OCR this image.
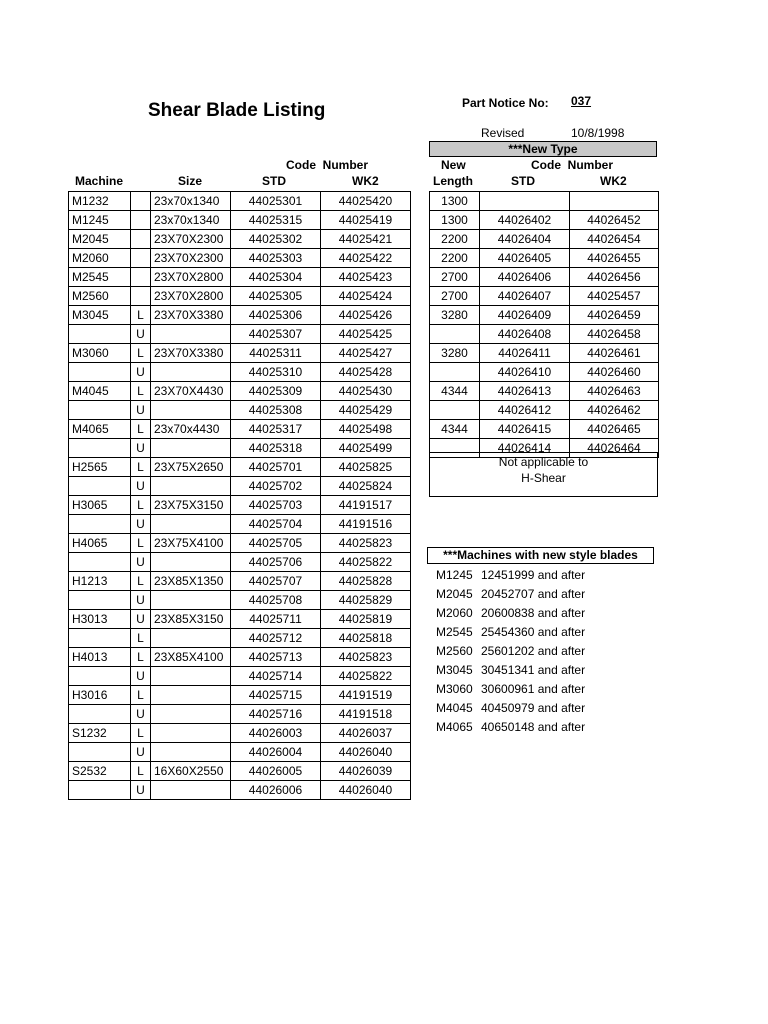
Shear Blade Listing	Part Notice No: 037
Revised	10/8/1998
***New Type
Machine	Size
Code  Number
STD	WK2
New
Length
Code  Number
STD	WK2
M1232		23x70x1340	44025301	44025420
M1245		23x70x1340	44025315	44025419
M2045		23X70X2300	44025302	44025421
M2060		23X70X2300	44025303	44025422
M2545		23X70X2800	44025304	44025423
M2560		23X70X2800	44025305	44025424
M3045	L	23X70X3380	44025306	44025426
	U		44025307	44025425
M3060	L	23X70X3380	44025311	44025427
	U		44025310	44025428
M4045	L	23X70X4430	44025309	44025430
	U		44025308	44025429
M4065	L	23x70x4430	44025317	44025498
	U		44025318	44025499
H2565	L	23X75X2650	44025701	44025825
	U		44025702	44025824
H3065	L	23X75X3150	44025703	44191517
	U		44025704	44191516
H4065	L	23X75X4100	44025705	44025823
	U		44025706	44025822
H1213	L	23X85X1350	44025707	44025828
	U		44025708	44025829
H3013	U	23X85X3150	44025711	44025819
	L		44025712	44025818
H4013	L	23X85X4100	44025713	44025823
	U		44025714	44025822
H3016	L		44025715	44191519
	U		44025716	44191518
S1232	L		44026003	44026037
	U		44026004	44026040
S2532	L	16X60X2550	44026005	44026039
	U		44026006	44026040
1300		
1300	44026402	44026452
2200	44026404	44026454
2200	44026405	44026455
2700	44026406	44026456
2700	44026407	44025457
3280	44026409	44026459
	44026408	44026458
3280	44026411	44026461
	44026410	44026460
4344	44026413	44026463
	44026412	44026462
4344	44026415	44026465
	44026414	44026464
Not applicable to
H-Shear
***Machines with new style blades
M1245 12451999 and after
M2045 20452707 and after
M2060 20600838 and after
M2545 25454360 and after
M2560 25601202 and after
M3045 30451341 and after
M3060 30600961 and after
M4045 40450979 and after
M4065 40650148 and after
